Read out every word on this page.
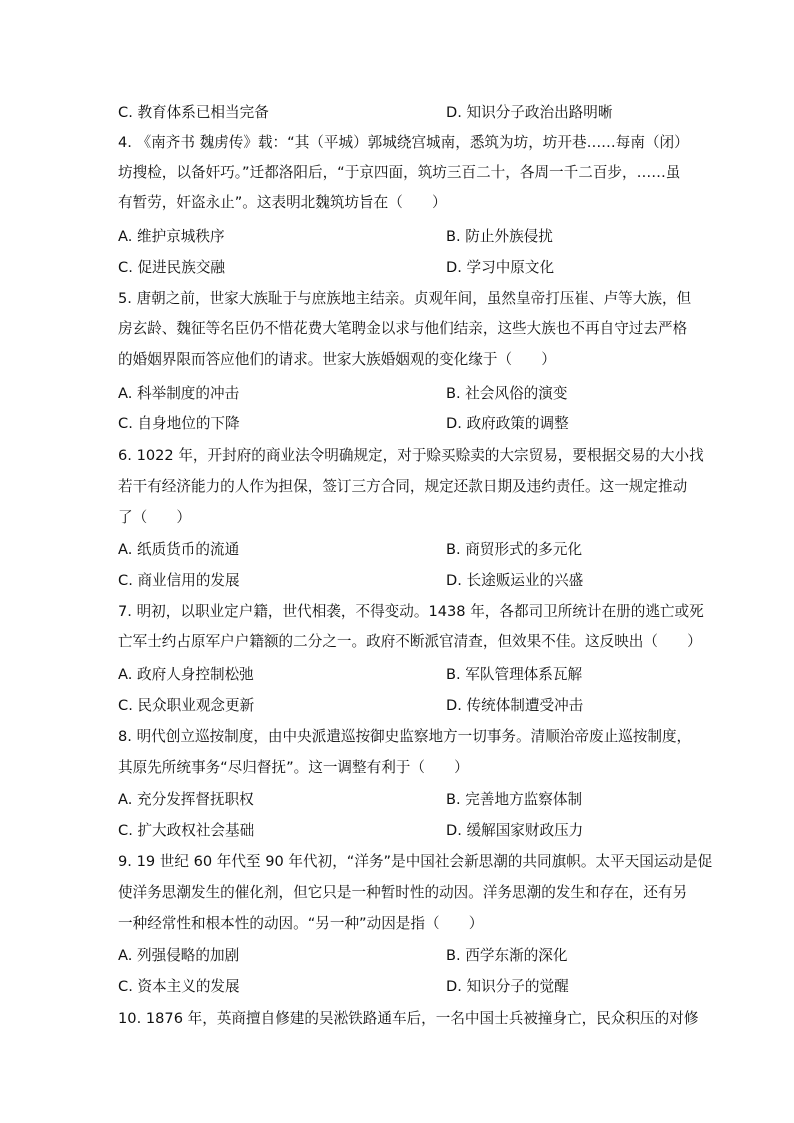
C. 教育体系已相当完备	D. 知识分子政治出路明晰
4. 《南齐书 魏虏传》载：“其（平城）郭城绕宫城南，悉筑为坊，坊开巷……每南（闭）
坊搜检，以备奸巧。”迁都洛阳后，“于京四面，筑坊三百二十，各周一千二百步，……虽
有暂劳，奸盗永止”。这表明北魏筑坊旨在（　　）
A. 维护京城秩序	B. 防止外族侵扰
C. 促进民族交融	D. 学习中原文化
5. 唐朝之前，世家大族耻于与庶族地主结亲。贞观年间，虽然皇帝打压崔、卢等大族，但
房玄龄、魏征等名臣仍不惜花费大笔聘金以求与他们结亲，这些大族也不再自守过去严格
的婚姻界限而答应他们的请求。世家大族婚姻观的变化缘于（　　）
A. 科举制度的冲击	B. 社会风俗的演变
C. 自身地位的下降	D. 政府政策的调整
6. 1022 年，开封府的商业法令明确规定，对于赊买赊卖的大宗贸易，要根据交易的大小找
若干有经济能力的人作为担保，签订三方合同，规定还款日期及违约责任。这一规定推动
了（　　）
A. 纸质货币的流通	B. 商贸形式的多元化
C. 商业信用的发展	D. 长途贩运业的兴盛
7. 明初，以职业定户籍，世代相袭，不得变动。1438 年，各都司卫所统计在册的逃亡或死
亡军士约占原军户户籍额的二分之一。政府不断派官清查，但效果不佳。这反映出（　　）
A. 政府人身控制松弛	B. 军队管理体系瓦解
C. 民众职业观念更新	D. 传统体制遭受冲击
8. 明代创立巡按制度，由中央派遣巡按御史监察地方一切事务。清顺治帝废止巡按制度，
其原先所统事务“尽归督抚”。这一调整有利于（　　）
A. 充分发挥督抚职权	B. 完善地方监察体制
C. 扩大政权社会基础	D. 缓解国家财政压力
9. 19 世纪 60 年代至 90 年代初，“洋务”是中国社会新思潮的共同旗帜。太平天国运动是促
使洋务思潮发生的催化剂，但它只是一种暂时性的动因。洋务思潮的发生和存在，还有另
一种经常性和根本性的动因。“另一种”动因是指（　　）
A. 列强侵略的加剧	B. 西学东渐的深化
C. 资本主义的发展	D. 知识分子的觉醒
10. 1876 年，英商擅自修建的吴淞铁路通车后，一名中国士兵被撞身亡，民众积压的对修
